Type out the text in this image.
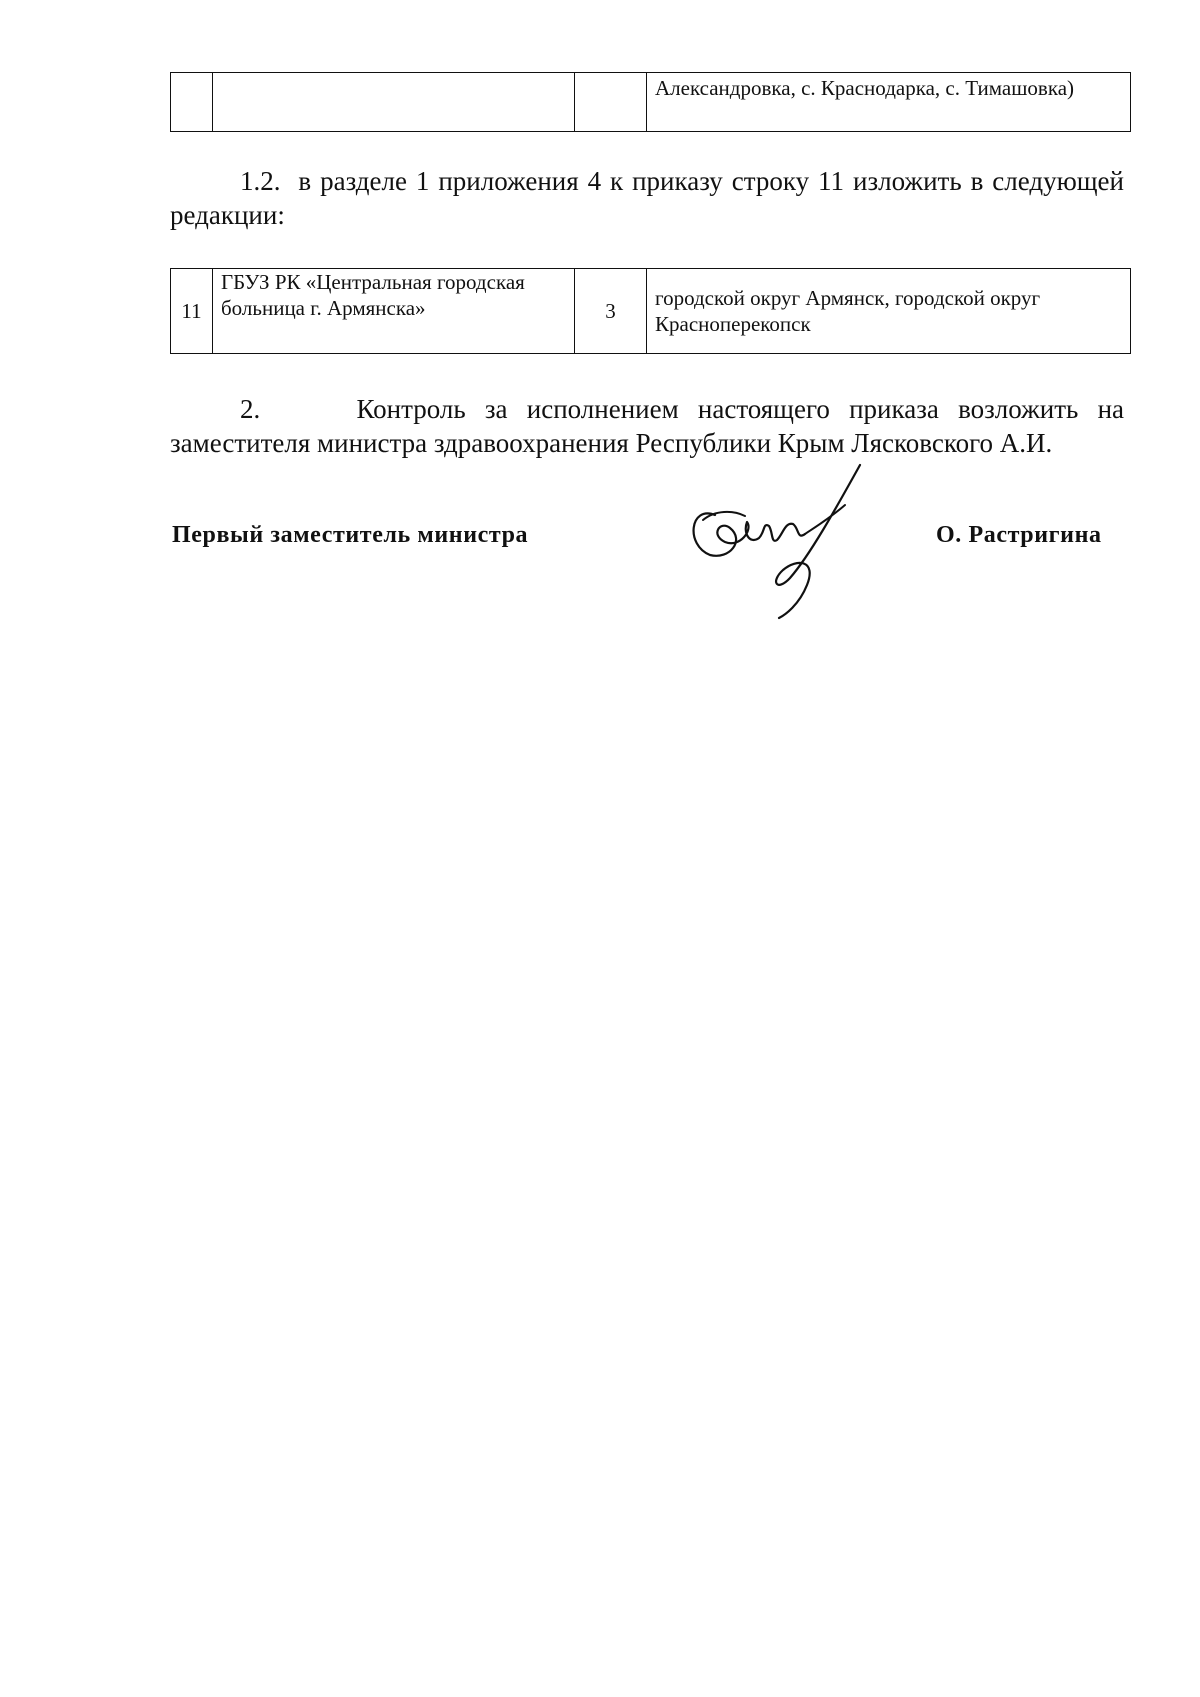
			Александровка, с. Краснодарка, с. Тимашовка)

1.2. в разделе 1 приложения 4 к приказу строку 11 изложить в следующей редакции:

11	ГБУЗ РК «Центральная городская больница г. Армянска»	3	городской округ Армянск, городской округ Красноперекопск

2.	Контроль за исполнением настоящего приказа возложить на заместителя министра здравоохранения Республики Крым Лясковского А.И.

Первый заместитель министра	О. Растригина
